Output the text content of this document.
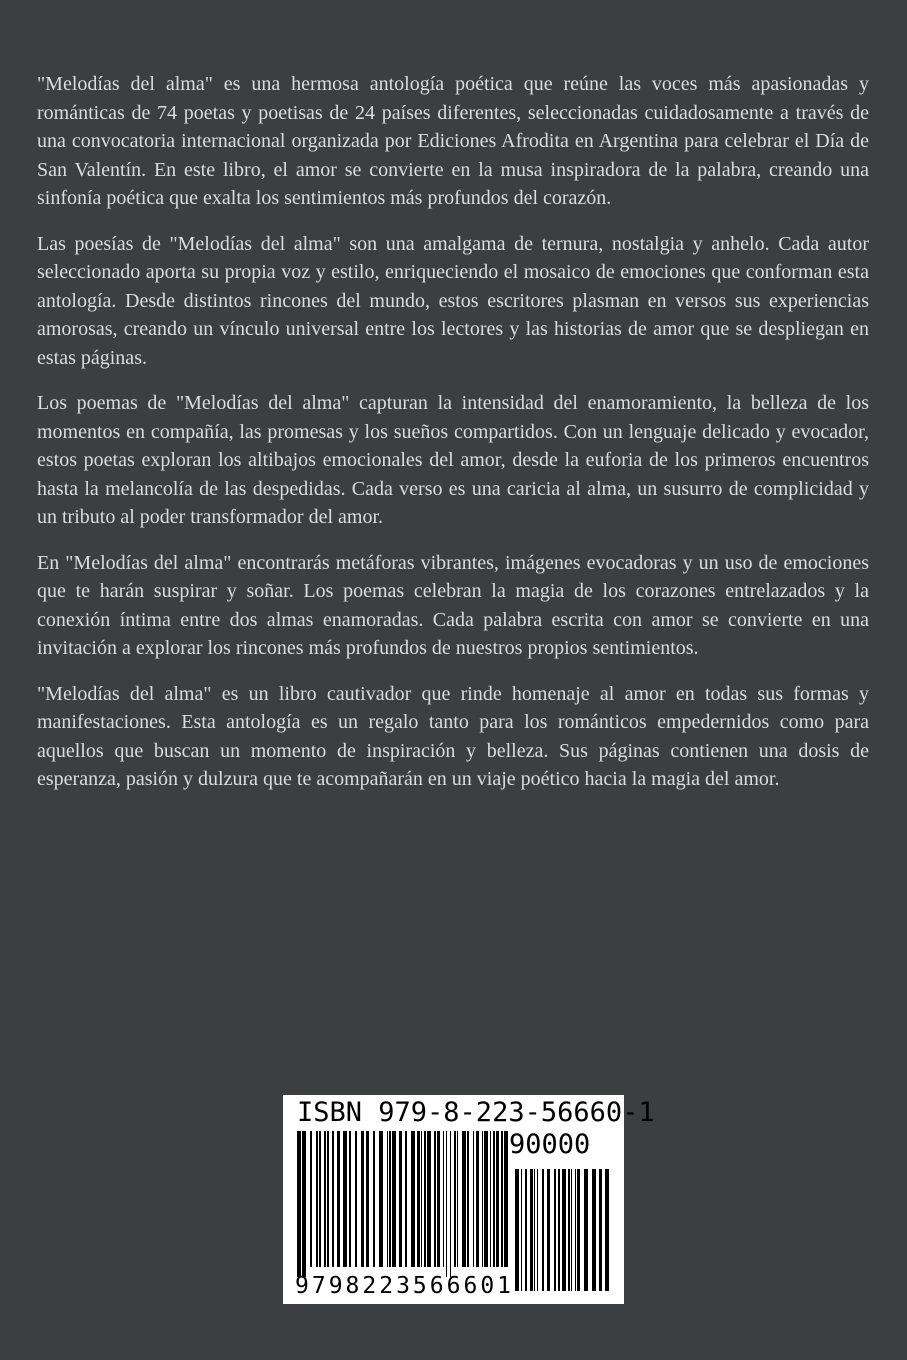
"Melodías del alma" es una hermosa antología poética que reúne las voces más apasionadas y románticas de 74 poetas y poetisas de 24 países diferentes, seleccionadas cuidadosamente a través de una convocatoria internacional organizada por Ediciones Afrodita en Argentina para celebrar el Día de San Valentín. En este libro, el amor se convierte en la musa inspiradora de la palabra, creando una sinfonía poética que exalta los sentimientos más profundos del corazón.

Las poesías de "Melodías del alma" son una amalgama de ternura, nostalgia y anhelo. Cada autor seleccionado aporta su propia voz y estilo, enriqueciendo el mosaico de emociones que conforman esta antología. Desde distintos rincones del mundo, estos escritores plasman en versos sus experiencias amorosas, creando un vínculo universal entre los lectores y las historias de amor que se despliegan en estas páginas.

Los poemas de "Melodías del alma" capturan la intensidad del enamoramiento, la belleza de los momentos en compañía, las promesas y los sueños compartidos. Con un lenguaje delicado y evocador, estos poetas exploran los altibajos emocionales del amor, desde la euforia de los primeros encuentros hasta la melancolía de las despedidas. Cada verso es una caricia al alma, un susurro de complicidad y un tributo al poder transformador del amor.

En "Melodías del alma" encontrarás metáforas vibrantes, imágenes evocadoras y un uso de emociones que te harán suspirar y soñar. Los poemas celebran la magia de los corazones entrelazados y la conexión íntima entre dos almas enamoradas. Cada palabra escrita con amor se convierte en una invitación a explorar los rincones más profundos de nuestros propios sentimientos.

"Melodías del alma" es un libro cautivador que rinde homenaje al amor en todas sus formas y manifestaciones. Esta antología es un regalo tanto para los románticos empedernidos como para aquellos que buscan un momento de inspiración y belleza. Sus páginas contienen una dosis de esperanza, pasión y dulzura que te acompañarán en un viaje poético hacia la magia del amor.

ISBN 979-8-223-56660-1
90000
9798223566601
